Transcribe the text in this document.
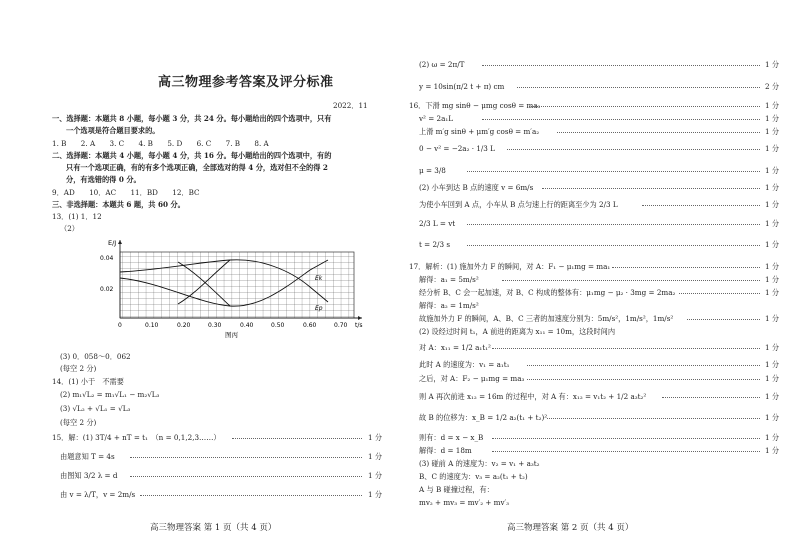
高三物理参考答案及评分标准
2022．11
一、选择题：本题共 8 小题，每小题 3 分，共 24 分。每小题给出的四个选项中，只有
一个选项是符合题目要求的。
1. B　　2. A　　3. C　　4. B　　5. D　　6. C　　7. B　　8. A
二、选择题：本题共 4 小题，每小题 4 分，共 16 分。每小题给出的四个选项中，有的
只有一个选项正确，有的有多个选项正确，全部选对的得 4 分，选对但不全的得 2
分，有选错的得 0 分。
9．AD　　10．AC　　11．BD　　12．BC
三、非选择题：本题共 6 题，共 60 分。
13．(1) 1．12
（2）
E/J
0.04
0.02
0	0.10	0.20	0.30	0.40	0.50	0.60	0.70 t/s
图丙
Ek
Ep
(3) 0．058～0．062
(每空 2 分)
14．(1) 小于　不需要
(2) m₁√L₂ = m₁√L₁ − m₂√L₃
(3) √L₂ + √L₁ = √L₃
(每空 2 分)
15．解：(1) 3T/4 + nT = t₁　（n = 0,1,2,3……）	1 分
由题意知 T = 4s	1 分
由图知 3/2 λ = d	1 分
由 v = λ/T，v = 2m/s	1 分
高三物理答案 第 1 页（共 4 页）
(2) ω = 2π/T	1 分
y = 10sin(π/2 t + π) cm	2 分
16．下滑 mg sinθ − μmg cosθ = ma₁	1 分
v² = 2a₁L	1 分
上滑 m′g sinθ + μm′g cosθ = m′a₂	1 分
0 − v² = −2a₂ · 1/3 L	1 分
μ = 3/8	1 分
(2) 小车到达 B 点的速度 v = 6m/s	1 分
为使小车回到 A 点，小车从 B 点匀速上行的距离至少为 2/3 L	1 分
2/3 L = vt	1 分
t = 2/3 s	1 分
17．解析：(1) 施加外力 F 的瞬间，对 A：F₁ − μ₁mg = ma₁	1 分
解得：a₁ = 5m/s²	1 分
经分析 B、C 会一起加速，对 B、C 构成的整体有：μ₁mg − μ₂ · 3mg = 2ma₂	1 分
解得：a₂ = 1m/s²
故施加外力 F 的瞬间，A、B、C 三者的加速度分别为：5m/s²，1m/s²，1m/s²	1 分
(2) 设经过时间 t₁，A 前进的距离为 x₁₁ = 10m，这段时间内
对 A：x₁₁ = 1/2 a₁t₁²	1 分
此时 A 的速度为：v₁ = a₁t₁	1 分
之后，对 A：F₂ − μ₁mg = ma₃	1 分
则 A 再次前进 x₁₂ = 16m 的过程中，对 A 有：x₁₂ = v₁t₂ + 1/2 a₃t₂²	1 分
故 B 的位移为：x_B = 1/2 a₂(t₁ + t₂)²	1 分
则有：d = x − x_B	1 分
解得：d = 18m	1 分
(3) 碰前 A 的速度为：v₂ = v₁ + a₃t₂
B、C 的速度为：v₃ = a₂(t₁ + t₂)
A 与 B 碰撞过程，有：
mv₂ + mv₃ = mv′₂ + mv′₃
高三物理答案 第 2 页（共 4 页）
